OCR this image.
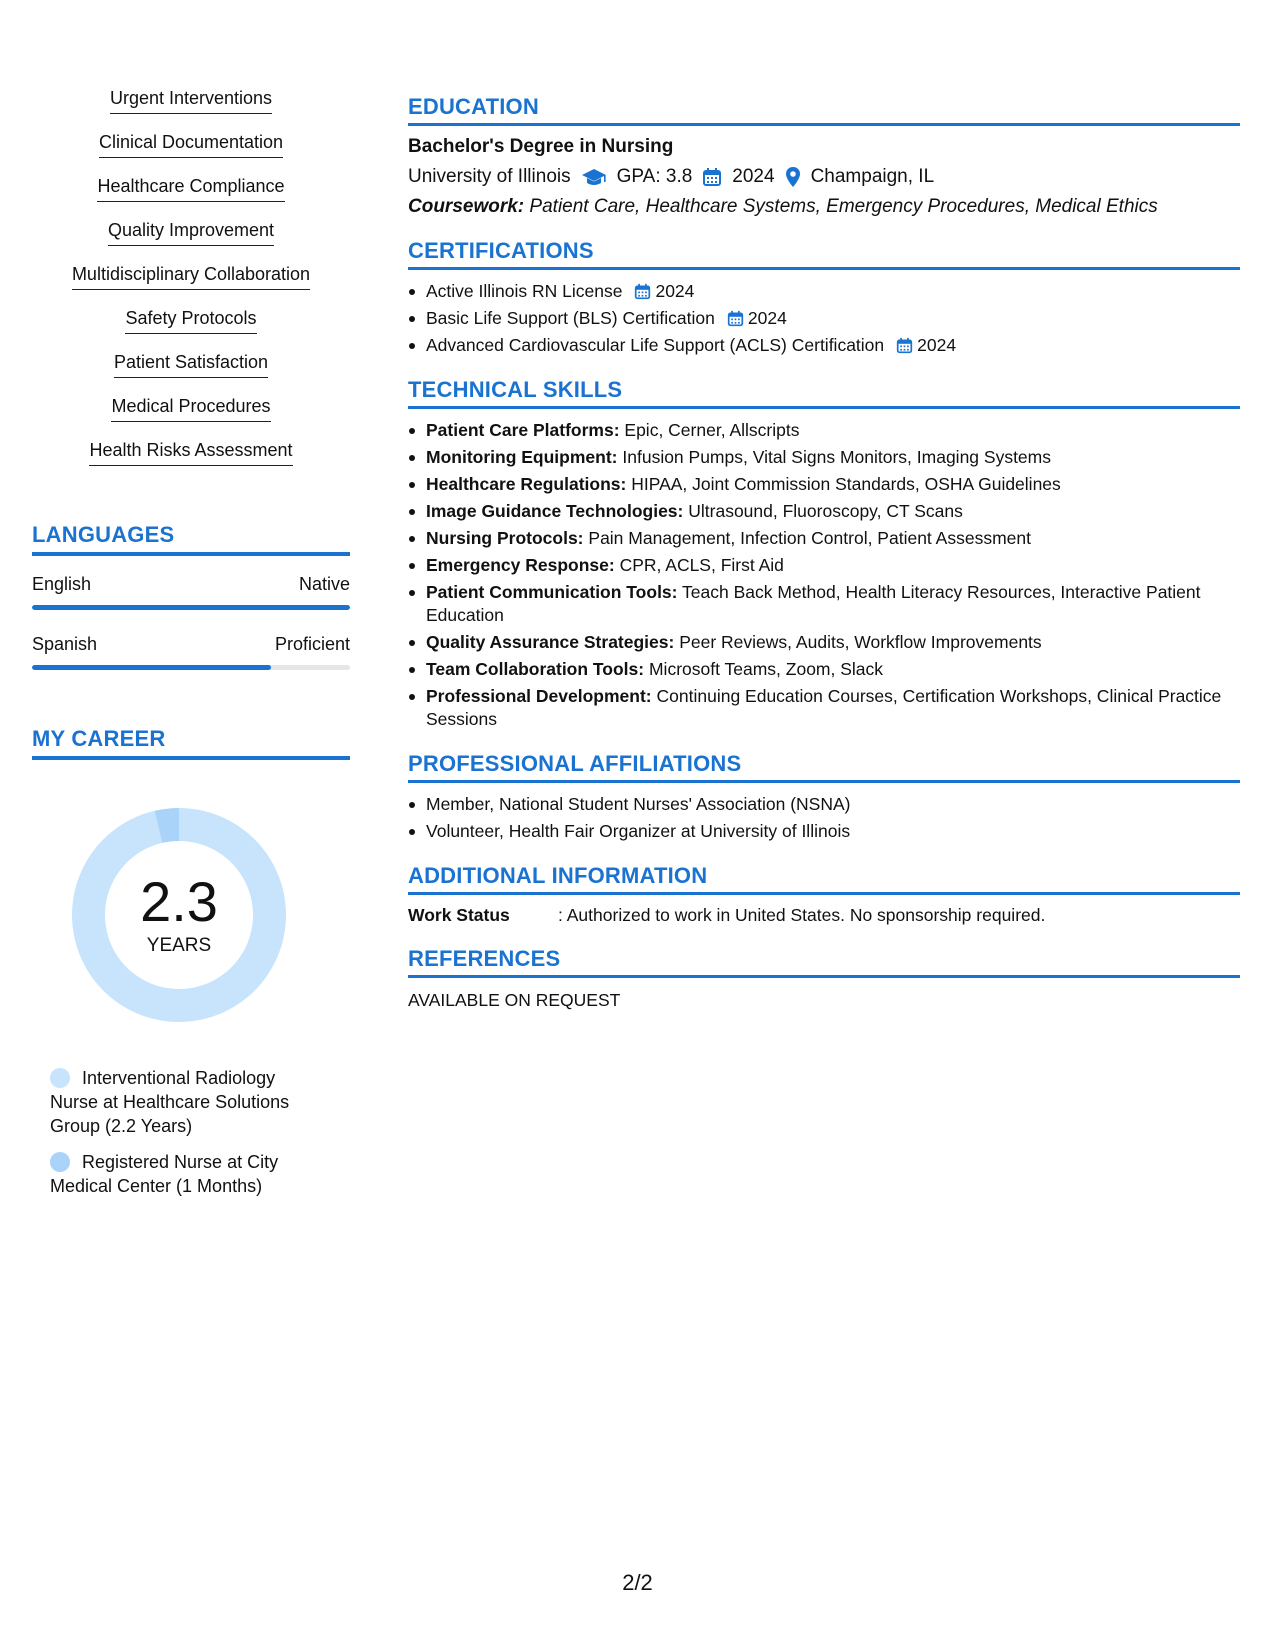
Urgent Interventions
Clinical Documentation
Healthcare Compliance
Quality Improvement
Multidisciplinary Collaboration
Safety Protocols
Patient Satisfaction
Medical Procedures
Health Risks Assessment
LANGUAGES
English	Native
Spanish	Proficient
MY CAREER
2.3
YEARS
Interventional Radiology Nurse at Healthcare Solutions Group (2.2 Years)
Registered Nurse at City Medical Center (1 Months)
EDUCATION
Bachelor's Degree in Nursing
University of Illinois GPA: 3.8 2024 Champaign, IL
Coursework: Patient Care, Healthcare Systems, Emergency Procedures, Medical Ethics
CERTIFICATIONS
Active Illinois RN License 2024
Basic Life Support (BLS) Certification 2024
Advanced Cardiovascular Life Support (ACLS) Certification 2024
TECHNICAL SKILLS
Patient Care Platforms: Epic, Cerner, Allscripts
Monitoring Equipment: Infusion Pumps, Vital Signs Monitors, Imaging Systems
Healthcare Regulations: HIPAA, Joint Commission Standards, OSHA Guidelines
Image Guidance Technologies: Ultrasound, Fluoroscopy, CT Scans
Nursing Protocols: Pain Management, Infection Control, Patient Assessment
Emergency Response: CPR, ACLS, First Aid
Patient Communication Tools: Teach Back Method, Health Literacy Resources, Interactive Patient Education
Quality Assurance Strategies: Peer Reviews, Audits, Workflow Improvements
Team Collaboration Tools: Microsoft Teams, Zoom, Slack
Professional Development: Continuing Education Courses, Certification Workshops, Clinical Practice Sessions
PROFESSIONAL AFFILIATIONS
Member, National Student Nurses' Association (NSNA)
Volunteer, Health Fair Organizer at University of Illinois
ADDITIONAL INFORMATION
Work Status	: Authorized to work in United States. No sponsorship required.
REFERENCES
AVAILABLE ON REQUEST
2/2
